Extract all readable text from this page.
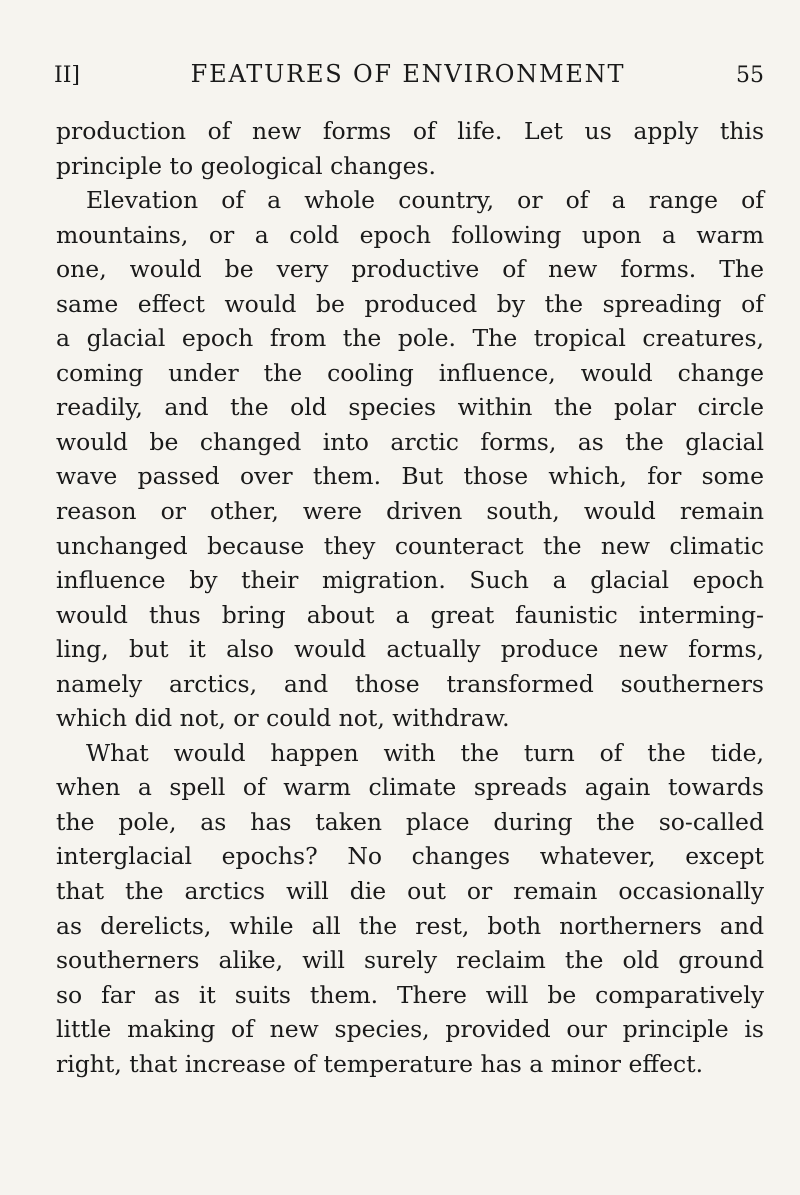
II]	FEATURES OF ENVIRONMENT	55
production of new forms of life. Let us apply this
principle to geological changes.
Elevation of a whole country, or of a range of
mountains, or a cold epoch following upon a warm
one, would be very productive of new forms. The
same effect would be produced by the spreading of
a glacial epoch from the pole. The tropical creatures,
coming under the cooling influence, would change
readily, and the old species within the polar circle
would be changed into arctic forms, as the glacial
wave passed over them. But those which, for some
reason or other, were driven south, would remain
unchanged because they counteract the new climatic
influence by their migration. Such a glacial epoch
would thus bring about a great faunistic interming-
ling, but it also would actually produce new forms,
namely arctics, and those transformed southerners
which did not, or could not, withdraw.
What would happen with the turn of the tide,
when a spell of warm climate spreads again towards
the pole, as has taken place during the so-called
interglacial epochs? No changes whatever, except
that the arctics will die out or remain occasionally
as derelicts, while all the rest, both northerners and
southerners alike, will surely reclaim the old ground
so far as it suits them. There will be comparatively
little making of new species, provided our principle is
right, that increase of temperature has a minor effect.
